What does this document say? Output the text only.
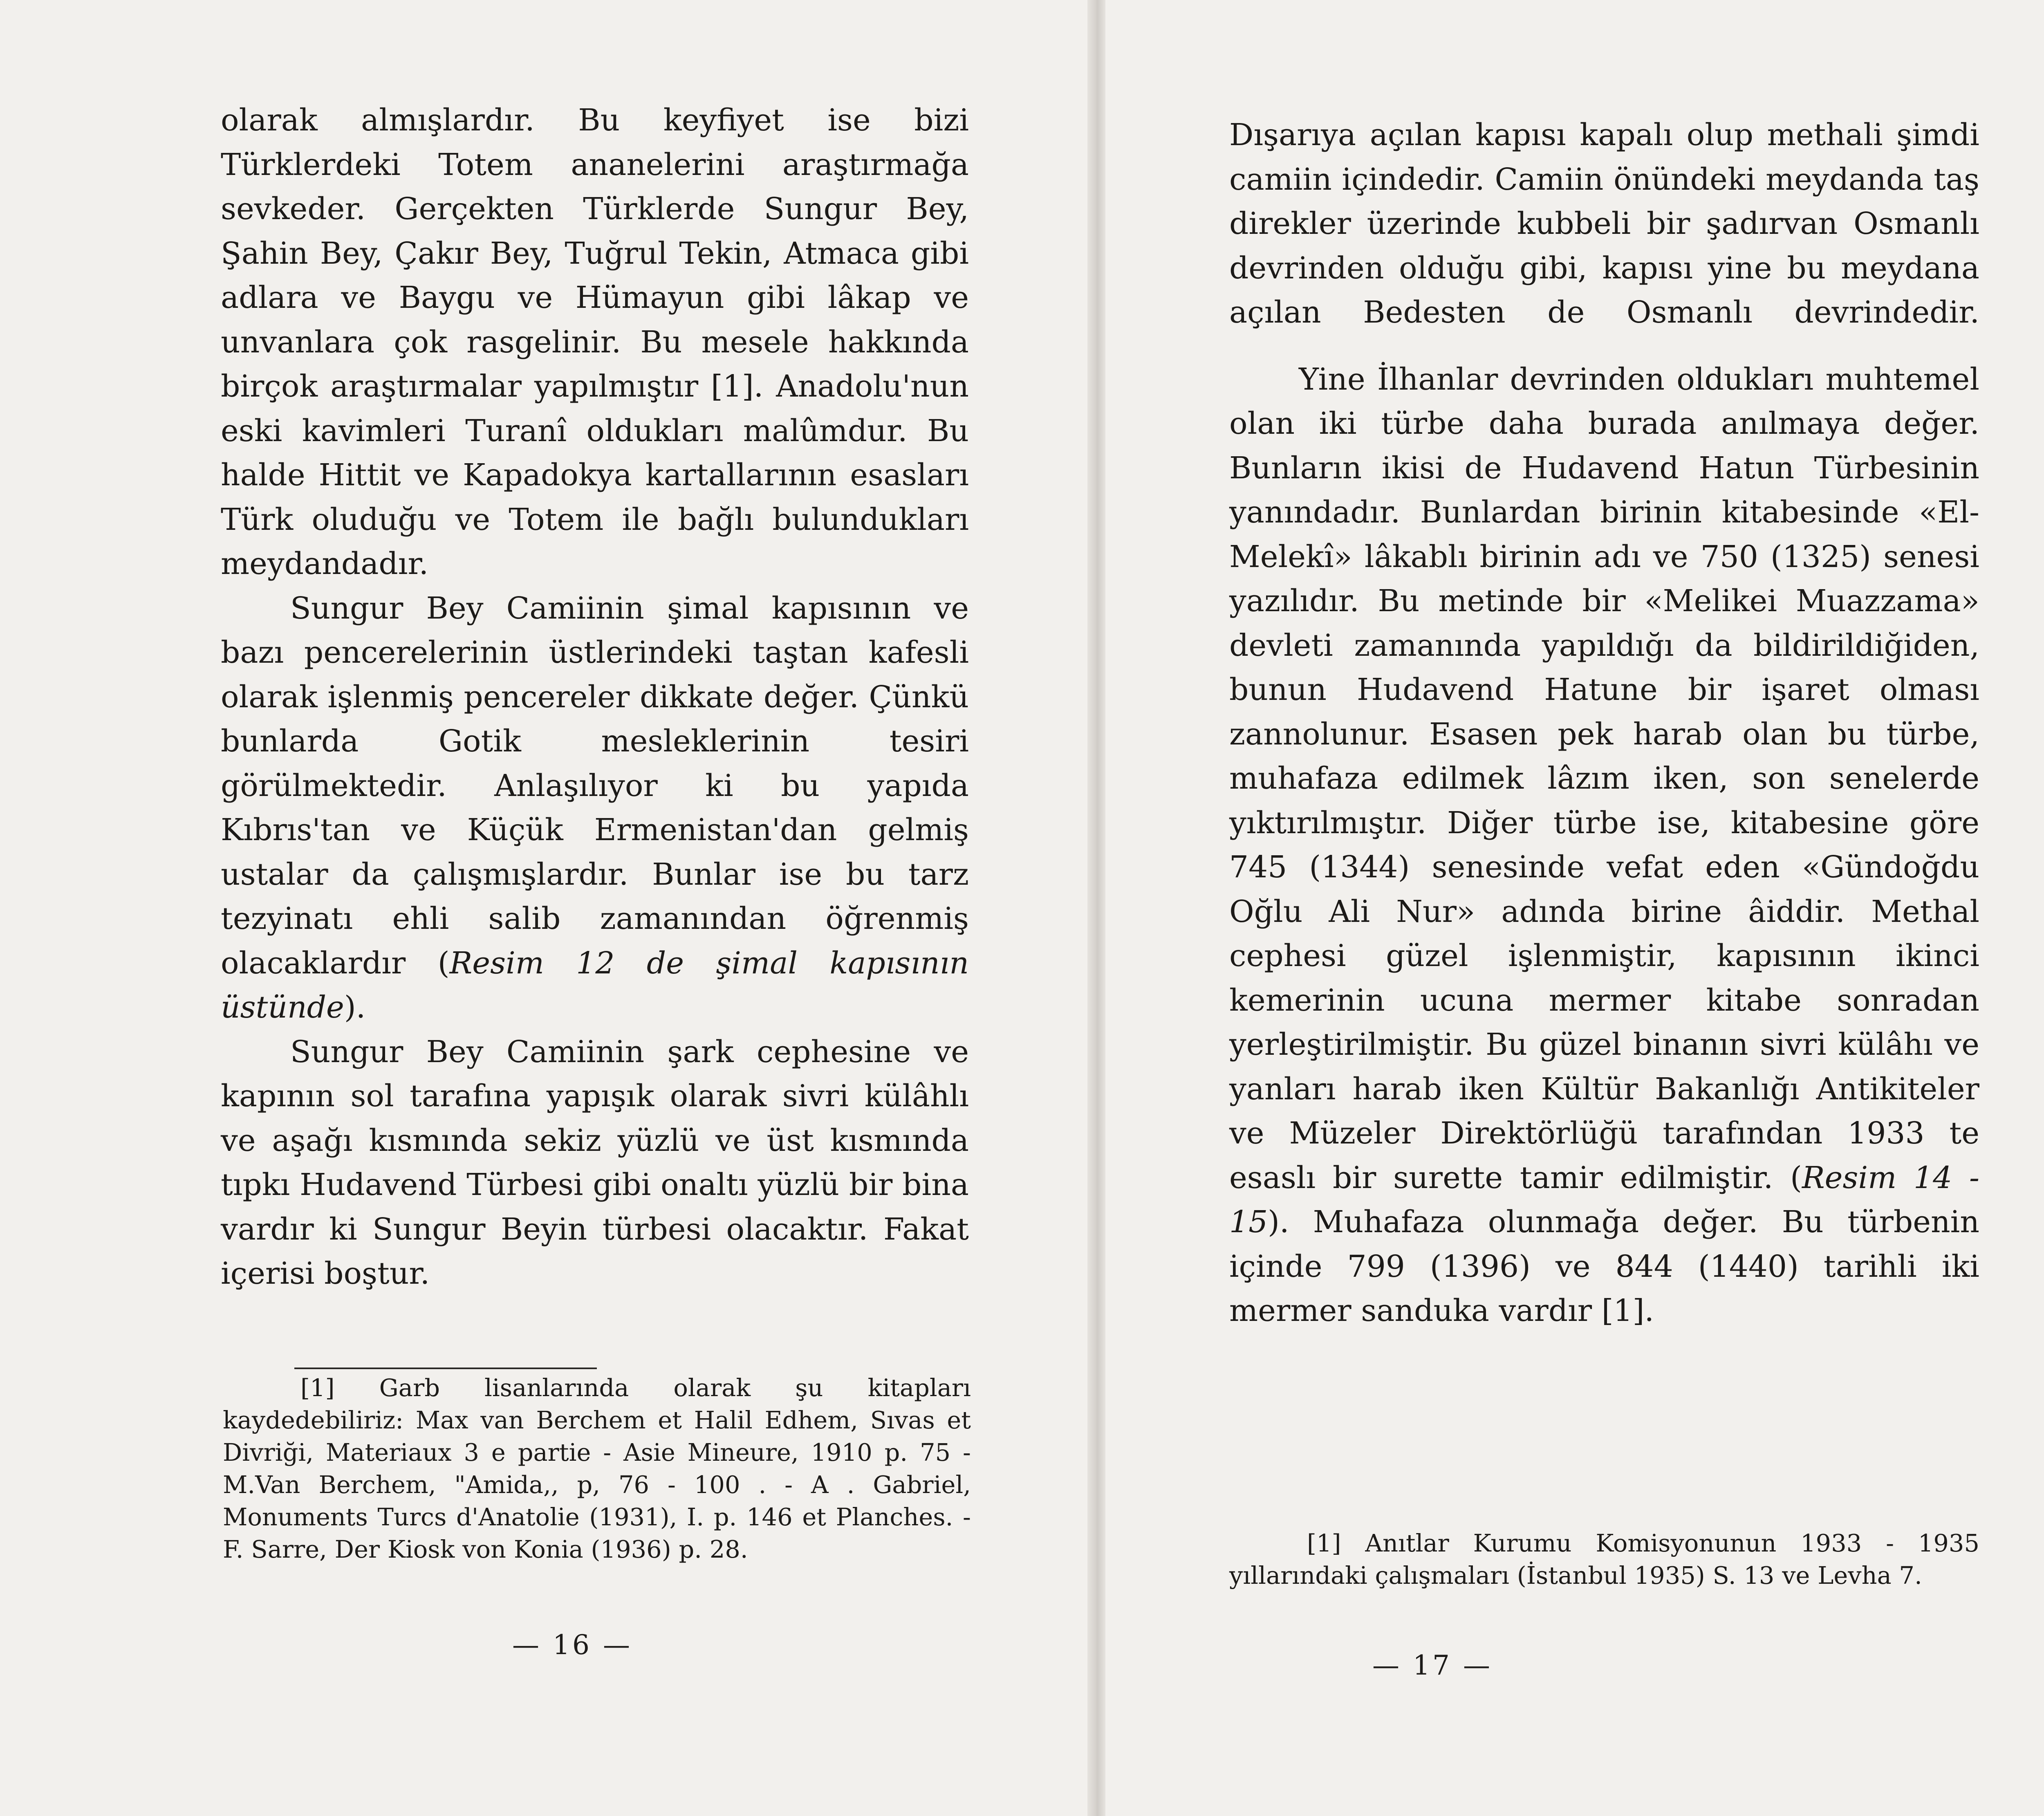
olarak almışlardır. Bu keyfiyet ise bizi Türklerdeki Totem ananelerini araştırmağa sevkeder. Gerçekten Türklerde Sungur Bey, Şahin Bey, Çakır Bey, Tuğrul Tekin, Atmaca gibi adlara ve Baygu ve Hümayun gibi lâkap ve unvanlara çok rasgelinir. Bu mesele hakkında birçok araştırmalar yapılmıştır [1]. Anadolu'nun eski kavimleri Turanî oldukları malûmdur. Bu halde Hittit ve Kapadokya kartallarının esasları Türk oluduğu ve Totem ile bağlı bulundukları meydandadır.

Sungur Bey Camiinin şimal kapısının ve bazı pencerelerinin üstlerindeki taştan kafesli olarak işlenmiş pencereler dikkate değer. Çünkü bunlarda Gotik mesleklerinin tesiri görülmektedir. Anlaşılıyor ki bu yapıda Kıbrıs'tan ve Küçük Ermenistan'dan gelmiş ustalar da çalışmışlardır. Bunlar ise bu tarz tezyinatı ehli salib zamanından öğrenmiş olacaklardır (Resim 12 de şimal kapısının üstünde).

Sungur Bey Camiinin şark cephesine ve kapının sol tarafına yapışık olarak sivri külâhlı ve aşağı kısmında sekiz yüzlü ve üst kısmında tıpkı Hudavend Türbesi gibi onaltı yüzlü bir bina vardır ki Sungur Beyin türbesi olacaktır. Fakat içerisi boştur.

[1] Garb lisanlarında olarak şu kitapları kaydedebiliriz: Max van Berchem et Halil Edhem, Sıvas et Divriği, Materiaux 3 e partie - Asie Mineure, 1910 p. 75 - M.Van Berchem, "Amida,, p, 76 - 100 . - A . Gabriel, Monuments Turcs d'Anatolie (1931), I. p. 146 et Planches. - F. Sarre, Der Kiosk von Konia (1936) p. 28.

— 16 —

Dışarıya açılan kapısı kapalı olup methali şimdi camiin içindedir. Camiin önündeki meydanda taş direkler üzerinde kubbeli bir şadırvan Osmanlı devrinden olduğu gibi, kapısı yine bu meydana açılan Bedesten de Osmanlı devrindedir.

Yine İlhanlar devrinden oldukları muhtemel olan iki türbe daha burada anılmaya değer. Bunların ikisi de Hudavend Hatun Türbesinin yanındadır. Bunlardan birinin kitabesinde «El-Melekî» lâkablı birinin adı ve 750 (1325) senesi yazılıdır. Bu metinde bir «Melikei Muazzama» devleti zamanında yapıldığı da bildirildiğiden, bunun Hudavend Hatune bir işaret olması zannolunur. Esasen pek harab olan bu türbe, muhafaza edilmek lâzım iken, son senelerde yıktırılmıştır. Diğer türbe ise, kitabesine göre 745 (1344) senesinde vefat eden «Gündoğdu Oğlu Ali Nur» adında birine âiddir. Methal cephesi güzel işlenmiştir, kapısının ikinci kemerinin ucuna mermer kitabe sonradan yerleştirilmiştir. Bu güzel binanın sivri külâhı ve yanları harab iken Kültür Bakanlığı Antikiteler ve Müzeler Direktörlüğü tarafından 1933 te esaslı bir surette tamir edilmiştir. (Resim 14 - 15). Muhafaza olunmağa değer. Bu türbenin içinde 799 (1396) ve 844 (1440) tarihli iki mermer sanduka vardır [1].

[1] Anıtlar Kurumu Komisyonunun 1933 - 1935 yıllarındaki çalışmaları (İstanbul 1935) S. 13 ve Levha 7.

— 17 —
